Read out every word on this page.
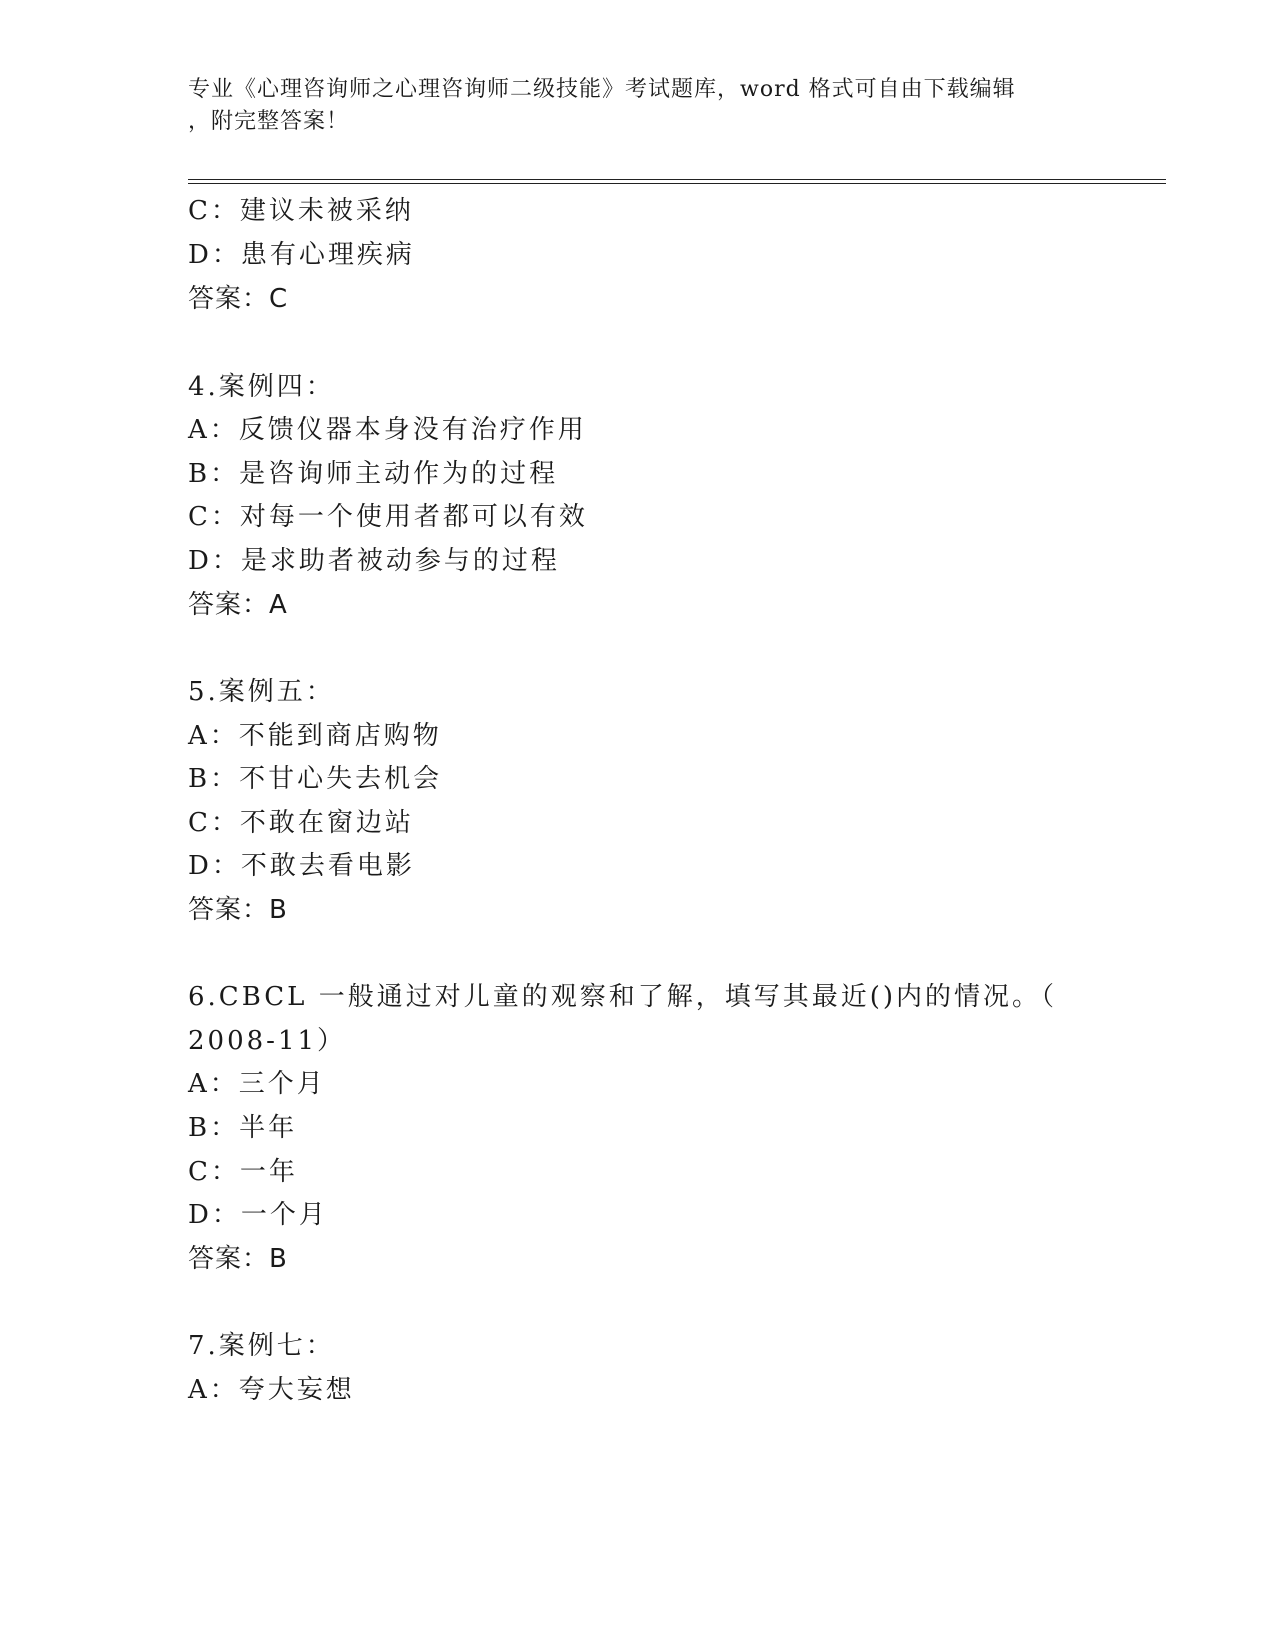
专业《心理咨询师之心理咨询师二级技能》考试题库，word 格式可自由下载编辑
，附完整答案！
C：建议未被采纳
D：患有心理疾病
答案：C
4.案例四：
A：反馈仪器本身没有治疗作用
B：是咨询师主动作为的过程
C：对每一个使用者都可以有效
D：是求助者被动参与的过程
答案：A
5.案例五：
A：不能到商店购物
B：不甘心失去机会
C：不敢在窗边站
D：不敢去看电影
答案：B
6.CBCL 一般通过对儿童的观察和了解，填写其最近()内的情况。（
2008-11）
A：三个月
B：半年
C：一年
D：一个月
答案：B
7.案例七：
A：夸大妄想
